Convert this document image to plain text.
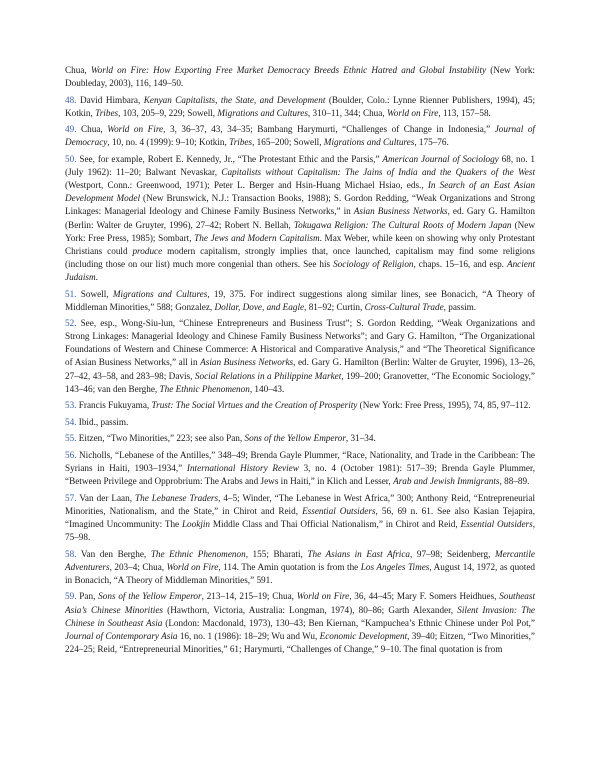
Chua, World on Fire: How Exporting Free Market Democracy Breeds Ethnic Hatred and Global Instability (New York: Doubleday, 2003), 116, 149–50.

48. David Himbara, Kenyan Capitalists, the State, and Development (Boulder, Colo.: Lynne Rienner Publishers, 1994), 45; Kotkin, Tribes, 103, 205–9, 229; Sowell, Migrations and Cultures, 310–11, 344; Chua, World on Fire, 113, 157–58.

49. Chua, World on Fire, 3, 36–37, 43, 34–35; Bambang Harymurti, “Challenges of Change in Indonesia,” Journal of Democracy, 10, no. 4 (1999): 9–10; Kotkin, Tribes, 165–200; Sowell, Migrations and Cultures, 175–76.

50. See, for example, Robert E. Kennedy, Jr., “The Protestant Ethic and the Parsis,” American Journal of Sociology 68, no. 1 (July 1962): 11–20; Balwant Nevaskar, Capitalists without Capitalism: The Jains of India and the Quakers of the West (Westport, Conn.: Greenwood, 1971); Peter L. Berger and Hsin-Huang Michael Hsiao, eds., In Search of an East Asian Development Model (New Brunswick, N.J.: Transaction Books, 1988); S. Gordon Redding, “Weak Organizations and Strong Linkages: Managerial Ideology and Chinese Family Business Networks,” in Asian Business Networks, ed. Gary G. Hamilton (Berlin: Walter de Gruyter, 1996), 27–42; Robert N. Bellah, Tokugawa Religion: The Cultural Roots of Modern Japan (New York: Free Press, 1985); Sombart, The Jews and Modern Capitalism. Max Weber, while keen on showing why only Protestant Christians could produce modern capitalism, strongly implies that, once launched, capitalism may find some religions (including those on our list) much more congenial than others. See his Sociology of Religion, chaps. 15–16, and esp. Ancient Judaism.

51. Sowell, Migrations and Cultures, 19, 375. For indirect suggestions along similar lines, see Bonacich, “A Theory of Middleman Minorities,” 588; Gonzalez, Dollar, Dove, and Eagle, 81–92; Curtin, Cross-Cultural Trade, passim.

52. See, esp., Wong-Siu-lun, “Chinese Entrepreneurs and Business Trust”; S. Gordon Redding, “Weak Organizations and Strong Linkages: Managerial Ideology and Chinese Family Business Networks”; and Gary G. Hamilton, “The Organizational Foundations of Western and Chinese Commerce: A Historical and Comparative Analysis,” and “The Theoretical Significance of Asian Business Networks,” all in Asian Business Networks, ed. Gary G. Hamilton (Berlin: Walter de Gruyter, 1996), 13–26, 27–42, 43–58, and 283–98; Davis, Social Relations in a Philippine Market, 199–200; Granovetter, “The Economic Sociology,” 143–46; van den Berghe, The Ethnic Phenomenon, 140–43.

53. Francis Fukuyama, Trust: The Social Virtues and the Creation of Prosperity (New York: Free Press, 1995), 74, 85, 97–112.

54. Ibid., passim.

55. Eitzen, “Two Minorities,” 223; see also Pan, Sons of the Yellow Emperor, 31–34.

56. Nicholls, “Lebanese of the Antilles,” 348–49; Brenda Gayle Plummer, “Race, Nationality, and Trade in the Caribbean: The Syrians in Haiti, 1903–1934,” International History Review 3, no. 4 (October 1981): 517–39; Brenda Gayle Plummer, “Between Privilege and Opprobrium: The Arabs and Jews in Haiti,” in Klich and Lesser, Arab and Jewish Immigrants, 88–89.

57. Van der Laan, The Lebanese Traders, 4–5; Winder, “The Lebanese in West Africa,” 300; Anthony Reid, “Entrepreneurial Minorities, Nationalism, and the State,” in Chirot and Reid, Essential Outsiders, 56, 69 n. 61. See also Kasian Tejapira, “Imagined Uncommunity: The Lookjin Middle Class and Thai Official Nationalism,” in Chirot and Reid, Essential Outsiders, 75–98.

58. Van den Berghe, The Ethnic Phenomenon, 155; Bharati, The Asians in East Africa, 97–98; Seidenberg, Mercantile Adventurers, 203–4; Chua, World on Fire, 114. The Amin quotation is from the Los Angeles Times, August 14, 1972, as quoted in Bonacich, “A Theory of Middleman Minorities,” 591.

59. Pan, Sons of the Yellow Emperor, 213–14, 215–19; Chua, World on Fire, 36, 44–45; Mary F. Somers Heidhues, Southeast Asia’s Chinese Minorities (Hawthorn, Victoria, Australia: Longman, 1974), 80–86; Garth Alexander, Silent Invasion: The Chinese in Southeast Asia (London: Macdonald, 1973), 130–43; Ben Kiernan, “Kampuchea’s Ethnic Chinese under Pol Pot,” Journal of Contemporary Asia 16, no. 1 (1986): 18–29; Wu and Wu, Economic Development, 39–40; Eitzen, “Two Minorities,” 224–25; Reid, “Entrepreneurial Minorities,” 61; Harymurti, “Challenges of Change,” 9–10. The final quotation is from
